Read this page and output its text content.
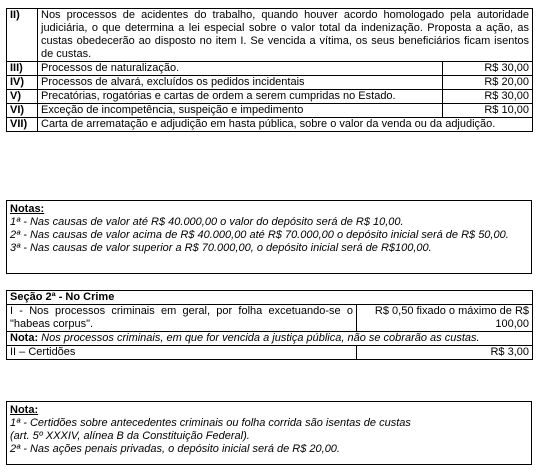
II)	Nos processos de acidentes do trabalho, quando houver acordo homologado pela autoridade judiciária, o que determina a lei especial sobre o valor total da indenização. Proposta a ação, as custas obedecerão ao disposto no item I. Se vencida a vítima, os seus beneficiários ficam isentos de custas.	
III)	Processos de naturalização.	R$ 30,00
IV)	Processos de alvará, excluídos os pedidos incidentais	R$ 20,00
V)	Precatórias, rogatórias e cartas de ordem a serem cumpridas no Estado.	R$ 30,00
VI)	Exceção de incompetência, suspeição e impedimento	R$ 10,00
VII)	Carta de arrematação e adjudição em hasta pública, sobre o valor da venda ou da adjudição.	
Notas:
1ª - Nas causas de valor até R$ 40.000,00 o valor do depósito será de R$ 10,00.
2ª - Nas causas de valor acima de R$ 40.000,00 até R$ 70.000,00 o depósito inicial será de R$ 50,00.
3ª - Nas causas de valor superior a R$ 70.000,00, o depósito inicial será de R$100,00.
Seção 2ª - No Crime	
I - Nos processos criminais em geral, por folha excetuando-se o "habeas corpus".	R$ 0,50 fixado o máximo de R$ 100,00
Nota: Nos processos criminais, em que for vencida a justiça pública, não se cobrarão as custas.	
II – Certidões	R$ 3,00
Nota:
1ª - Certidões sobre antecedentes criminais ou folha corrida são isentas de custas
(art. 5º XXXIV, alínea B da Constituição Federal).
2ª - Nas ações penais privadas, o depósito inicial será de R$ 20,00.
